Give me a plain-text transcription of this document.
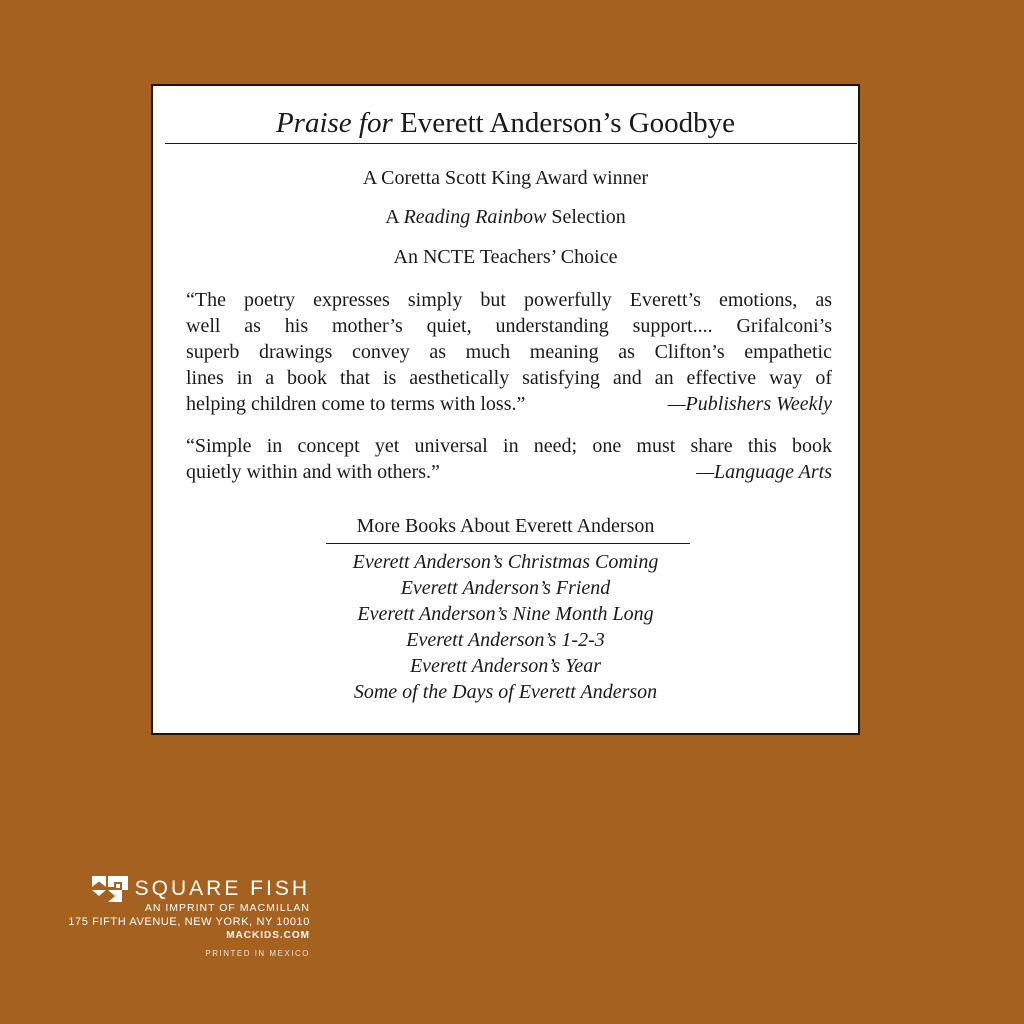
Praise for Everett Anderson’s Goodbye
A Coretta Scott King Award winner
A Reading Rainbow Selection
An NCTE Teachers’ Choice
“The poetry expresses simply but powerfully Everett’s emotions, as
well as his mother’s quiet, understanding support.... Grifalconi’s
superb drawings convey as much meaning as Clifton’s empathetic
lines in a book that is aesthetically satisfying and an effective way of
helping children come to terms with loss.”	—Publishers Weekly
“Simple in concept yet universal in need; one must share this book
quietly within and with others.”	—Language Arts
More Books About Everett Anderson
Everett Anderson’s Christmas Coming
Everett Anderson’s Friend
Everett Anderson’s Nine Month Long
Everett Anderson’s 1-2-3
Everett Anderson’s Year
Some of the Days of Everett Anderson
SQUARE FISH
AN IMPRINT OF MACMILLAN
175 FIFTH AVENUE, NEW YORK, NY 10010
MACKIDS.COM
PRINTED IN MEXICO
